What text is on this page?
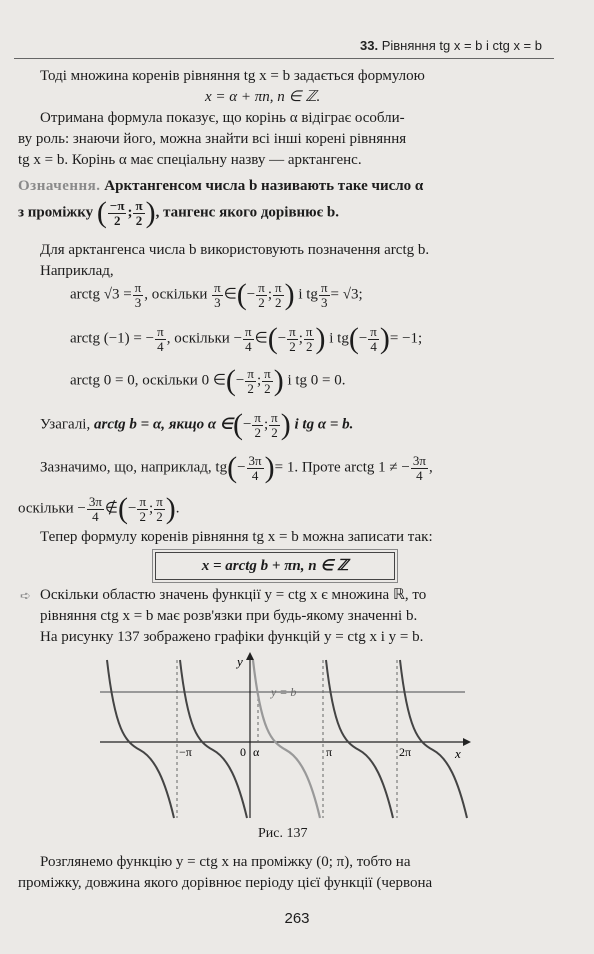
33. Рівняння tg x = b і ctg x = b
Тоді множина коренів рівняння tg x = b задається формулою
x = α + πn, n ∈ ℤ.
Отримана формула показує, що корінь α відіграє особли-
ву роль: знаючи його, можна знайти всі інші корені рівняння
tg x = b. Корінь α має спеціальну назву — арктангенс.
Означення. Арктангенсом числа b називають таке число α
з проміжку ( $\frac{-\pi}{2}$ ; $\frac{\pi}{2}$ ), тангенс якого дорівнює b.
Для арктангенса числа b використовують позначення arctg b.
Наприклад,
arctg $√3 = \frac{\pi}{3}$ , оскільки $\frac{\pi}{3}$ ∈(− $\frac{\pi}{2}$ ; $\frac{\pi}{2}$ ) і tg $\frac{\pi}{3} = √3$;
arctg (−1) = − $\frac{\pi}{4}$ , оскільки − $\frac{\pi}{4}$ ∈(− $\frac{\pi}{2}$ ; $\frac{\pi}{2}$ ) і $tg(- \frac{\pi}{4}$ )= −1;
arctg 0 = 0, оскільки 0 ∈(− $\frac{\pi}{2}$ ; $\frac{\pi}{2}$ ) і tg 0 = 0.
Узагалі, arctg b = α, якщо α ∈(− $\frac{\pi}{2}$ ; $\frac{\pi}{2}$ ) і tg α = b.
Зазначимо, що, наприклад, $tg(- \frac{3\pi}{4}$ )= 1. Проте arctg 1 ≠ − $\frac{3\pi}{4}$ ,
оскільки − $\frac{3\pi}{4}$ ∉(− $\frac{\pi}{2}$ ; $\frac{\pi}{2}$ ).
Тепер формулу коренів рівняння tg x = b можна записати так:
x = arctg b + πn, n ∈ ℤ
➪ Оскільки областю значень функції y = ctg x є множина ℝ, то
рівняння ctg x = b має розв'язки при будь-якому значенні b.
На рисунку 137 зображено графіки функцій y = ctg x і y = b.
y = b
y
x
−π	0 α	π	2π
Рис. 137
Розглянемо функцію y = ctg x на проміжку (0; π), тобто на
проміжку, довжина якого дорівнює періоду цієї функції (червона
263
